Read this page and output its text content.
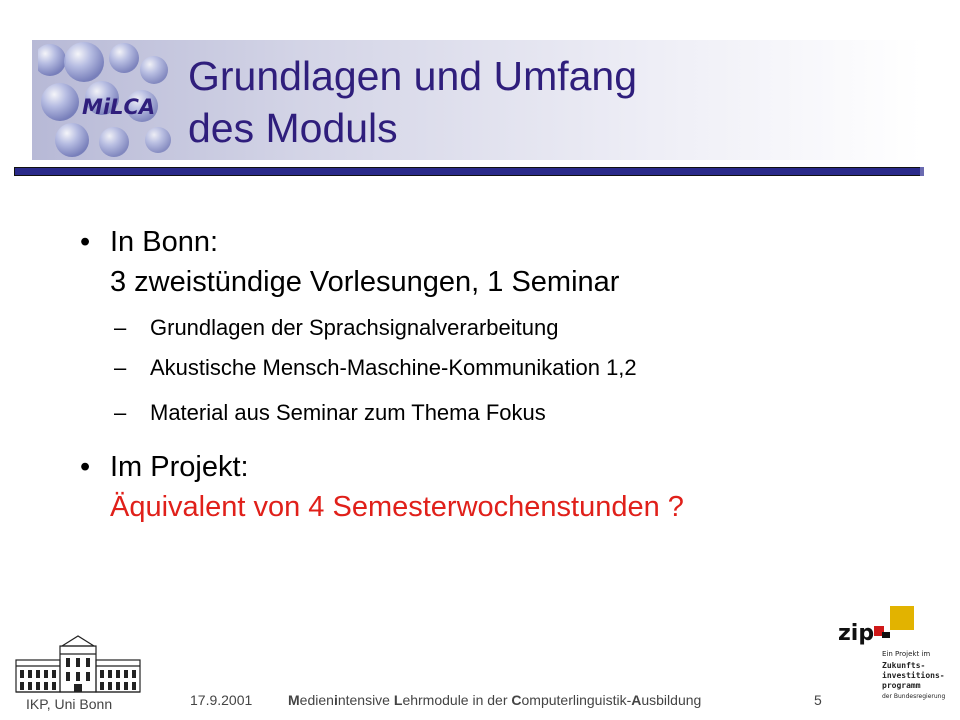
MiLCA
Grundlagen und Umfang
des Moduls
• In Bonn:
3 zweistündige Vorlesungen, 1 Seminar
– Grundlagen der Sprachsignalverarbeitung
– Akustische Mensch-Maschine-Kommunikation 1,2
– Material aus Seminar zum Thema Fokus
• Im Projekt:
Äquivalent von 4 Semesterwochenstunden ?
zip
Ein Projekt im
Zukunfts-
investitions-
programm
der Bundesregierung
IKP, Uni Bonn	17.9.2001	Medienintensive Lehrmodule in der Computerlinguistik-Ausbildung	5
